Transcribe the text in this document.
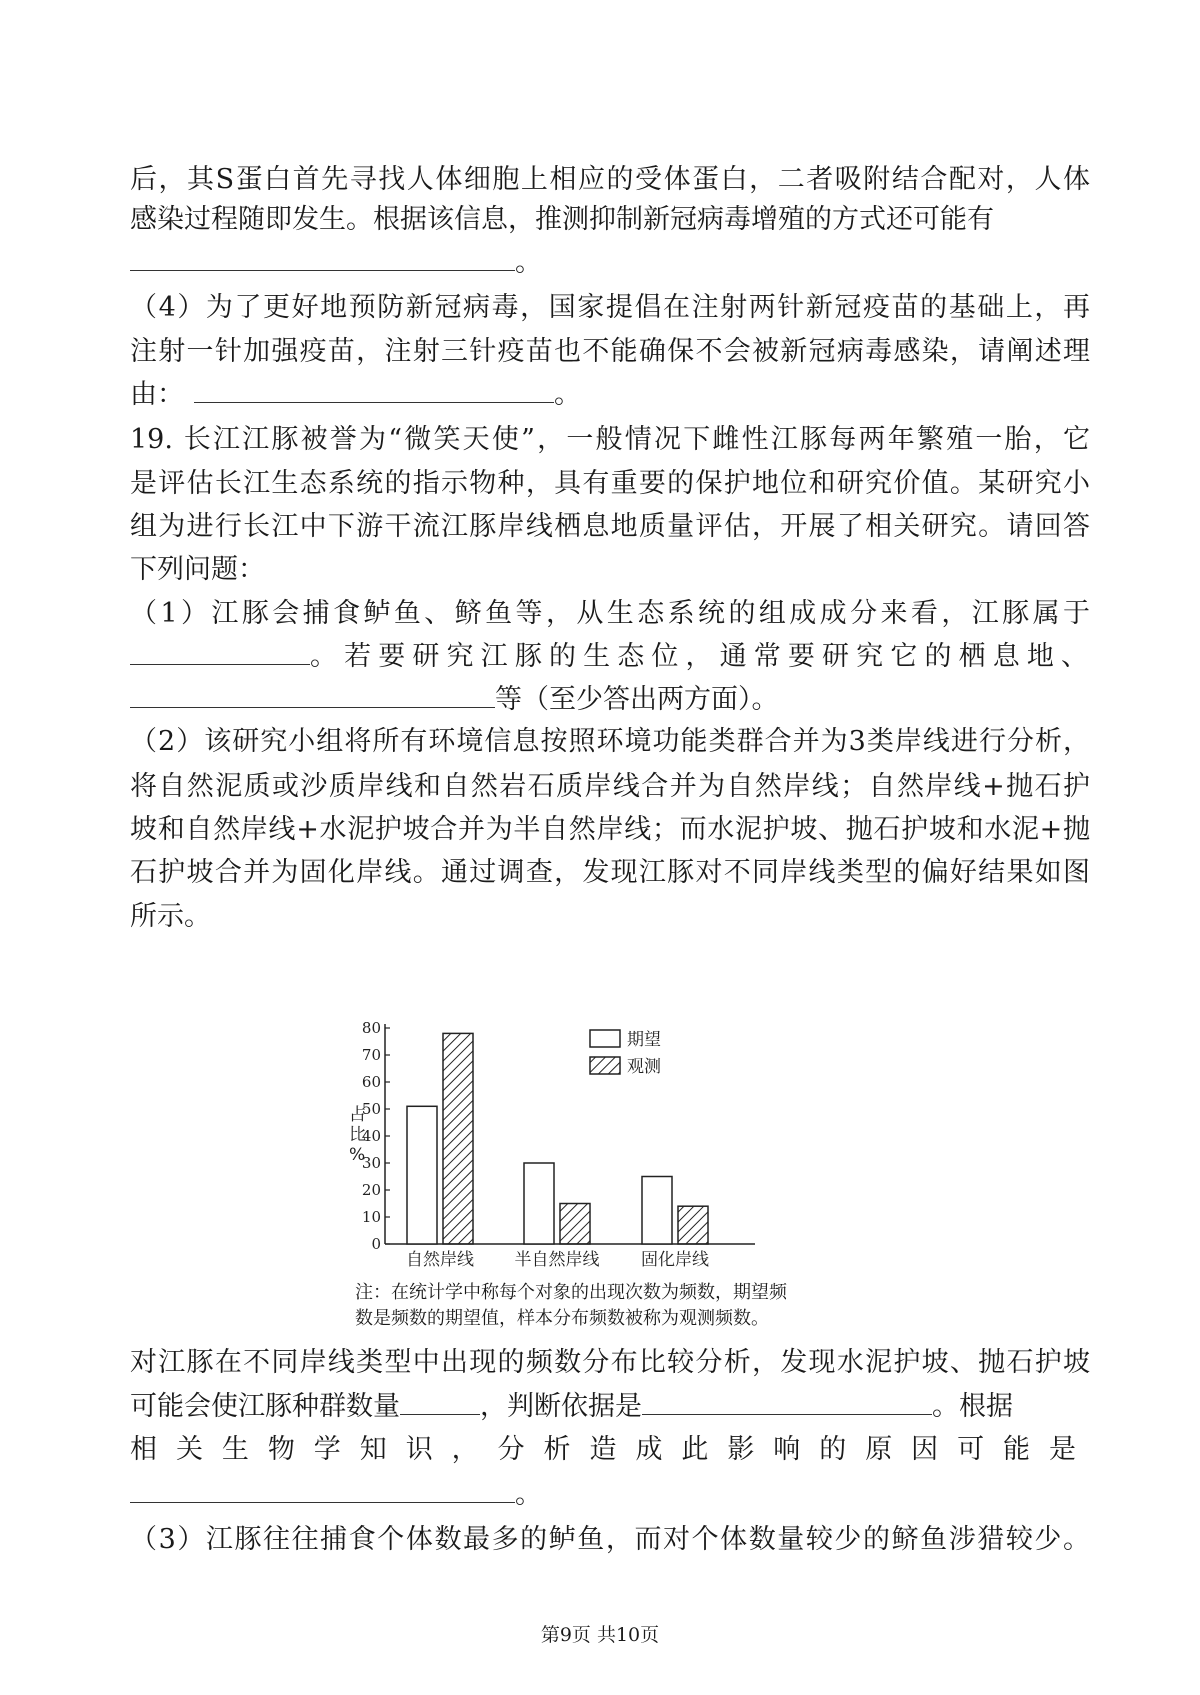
后，其S蛋白首先寻找人体细胞上相应的受体蛋白，二者吸附结合配对，人体
感染过程随即发生。根据该信息，推测抑制新冠病毒增殖的方式还可能有
。
（4）为了更好地预防新冠病毒，国家提倡在注射两针新冠疫苗的基础上，再
注射一针加强疫苗，注射三针疫苗也不能确保不会被新冠病毒感染，请阐述理
由：	。
19. 长江江豚被誉为“微笑天使”，一般情况下雌性江豚每两年繁殖一胎，它
是评估长江生态系统的指示物种，具有重要的保护地位和研究价值。某研究小
组为进行长江中下游干流江豚岸线栖息地质量评估，开展了相关研究。请回答
下列问题：
（1）江豚会捕食鲈鱼、鲚鱼等，从生态系统的组成成分来看，江豚属于
。若要研究江豚的生态位，通常要研究它的栖息地、
等（至少答出两方面）。
（2）该研究小组将所有环境信息按照环境功能类群合并为3类岸线进行分析，
将自然泥质或沙质岸线和自然岩石质岸线合并为自然岸线；自然岸线+抛石护
坡和自然岸线+水泥护坡合并为半自然岸线；而水泥护坡、抛石护坡和水泥+抛
石护坡合并为固化岸线。通过调查，发现江豚对不同岸线类型的偏好结果如图
所示。
0
10
20
30
40
50
60
70
80
占比%
自然岸线 半自然岸线 固化岸线
期望
观测
注：在统计学中称每个对象的出现次数为频数，期望频
数是频数的期望值，样本分布频数被称为观测频数。
对江豚在不同岸线类型中出现的频数分布比较分析，发现水泥护坡、抛石护坡
可能会使江豚种群数量	，判断依据是	。根据
相关生物学知识，分析造成此影响的原因可能是
。
（3）江豚往往捕食个体数最多的鲈鱼，而对个体数量较少的鲚鱼涉猎较少。
第9页 共10页
